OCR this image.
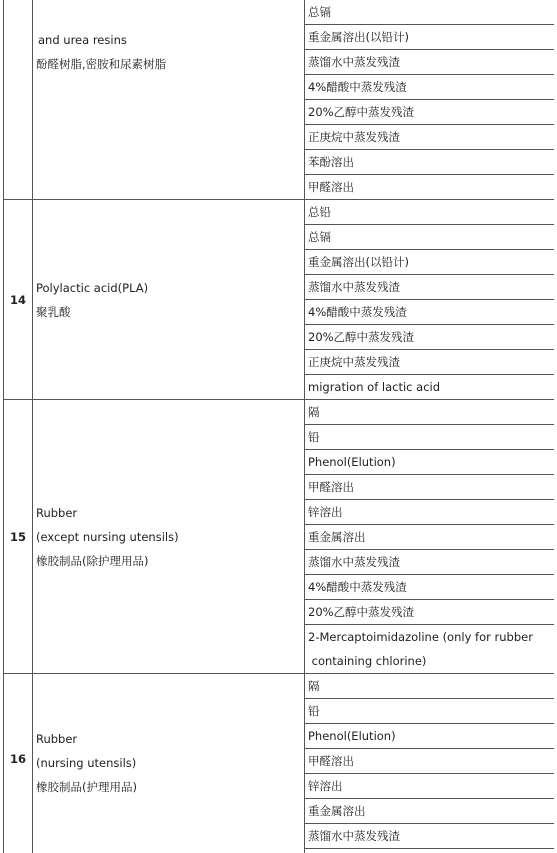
	and urea resins
酚醛树脂,密胺和尿素树脂	总镉
		重金属溶出(以铅计)
		蒸馏水中蒸发残渣
		4%醋酸中蒸发残渣
		20%乙醇中蒸发残渣
		正庚烷中蒸发残渣
		苯酚溶出
		甲醛溶出
14	Polylactic acid(PLA)
聚乳酸	总铅
		总镉
		重金属溶出(以铅计)
		蒸馏水中蒸发残渣
		4%醋酸中蒸发残渣
		20%乙醇中蒸发残渣
		正庚烷中蒸发残渣
		migration of lactic acid
15	Rubber
(except nursing utensils)
橡胶制品(除护理用品)	隔
		铅
		Phenol(Elution)
		甲醛溶出
		锌溶出
		重金属溶出
		蒸馏水中蒸发残渣
		4%醋酸中蒸发残渣
		20%乙醇中蒸发残渣

		2-Mercaptoimidazoline (only for rubber
containing chlorine)

16	Rubber
(nursing utensils)
橡胶制品(护理用品)	隔
		铅
		Phenol(Elution)
		甲醛溶出
		锌溶出
		重金属溶出
		蒸馏水中蒸发残渣
